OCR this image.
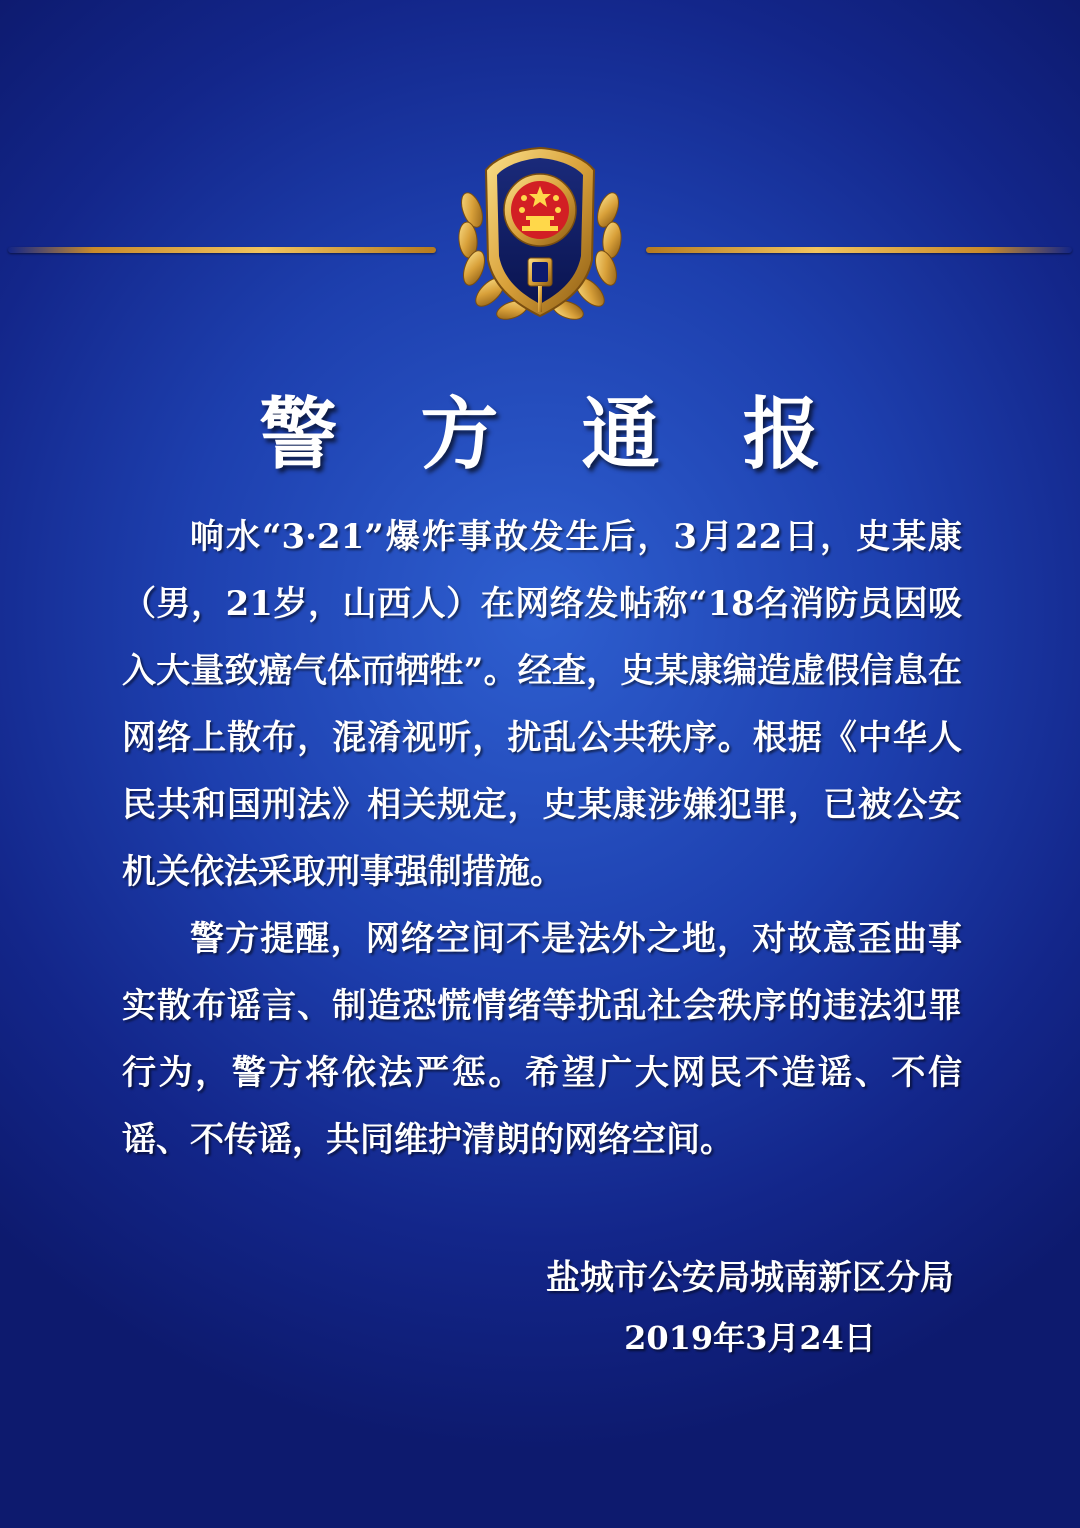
警 方 通 报

响水“3·21”爆炸事故发生后，3月22日，史某康（男，21岁，山西人）在网络发帖称“18名消防员因吸入大量致癌气体而牺牲”。经查，史某康编造虚假信息在网络上散布，混淆视听，扰乱公共秩序。根据《中华人民共和国刑法》相关规定，史某康涉嫌犯罪，已被公安机关依法采取刑事强制措施。

警方提醒，网络空间不是法外之地，对故意歪曲事实散布谣言、制造恐慌情绪等扰乱社会秩序的违法犯罪行为，警方将依法严惩。希望广大网民不造谣、不信谣、不传谣，共同维护清朗的网络空间。

盐城市公安局城南新区分局
2019年3月24日
